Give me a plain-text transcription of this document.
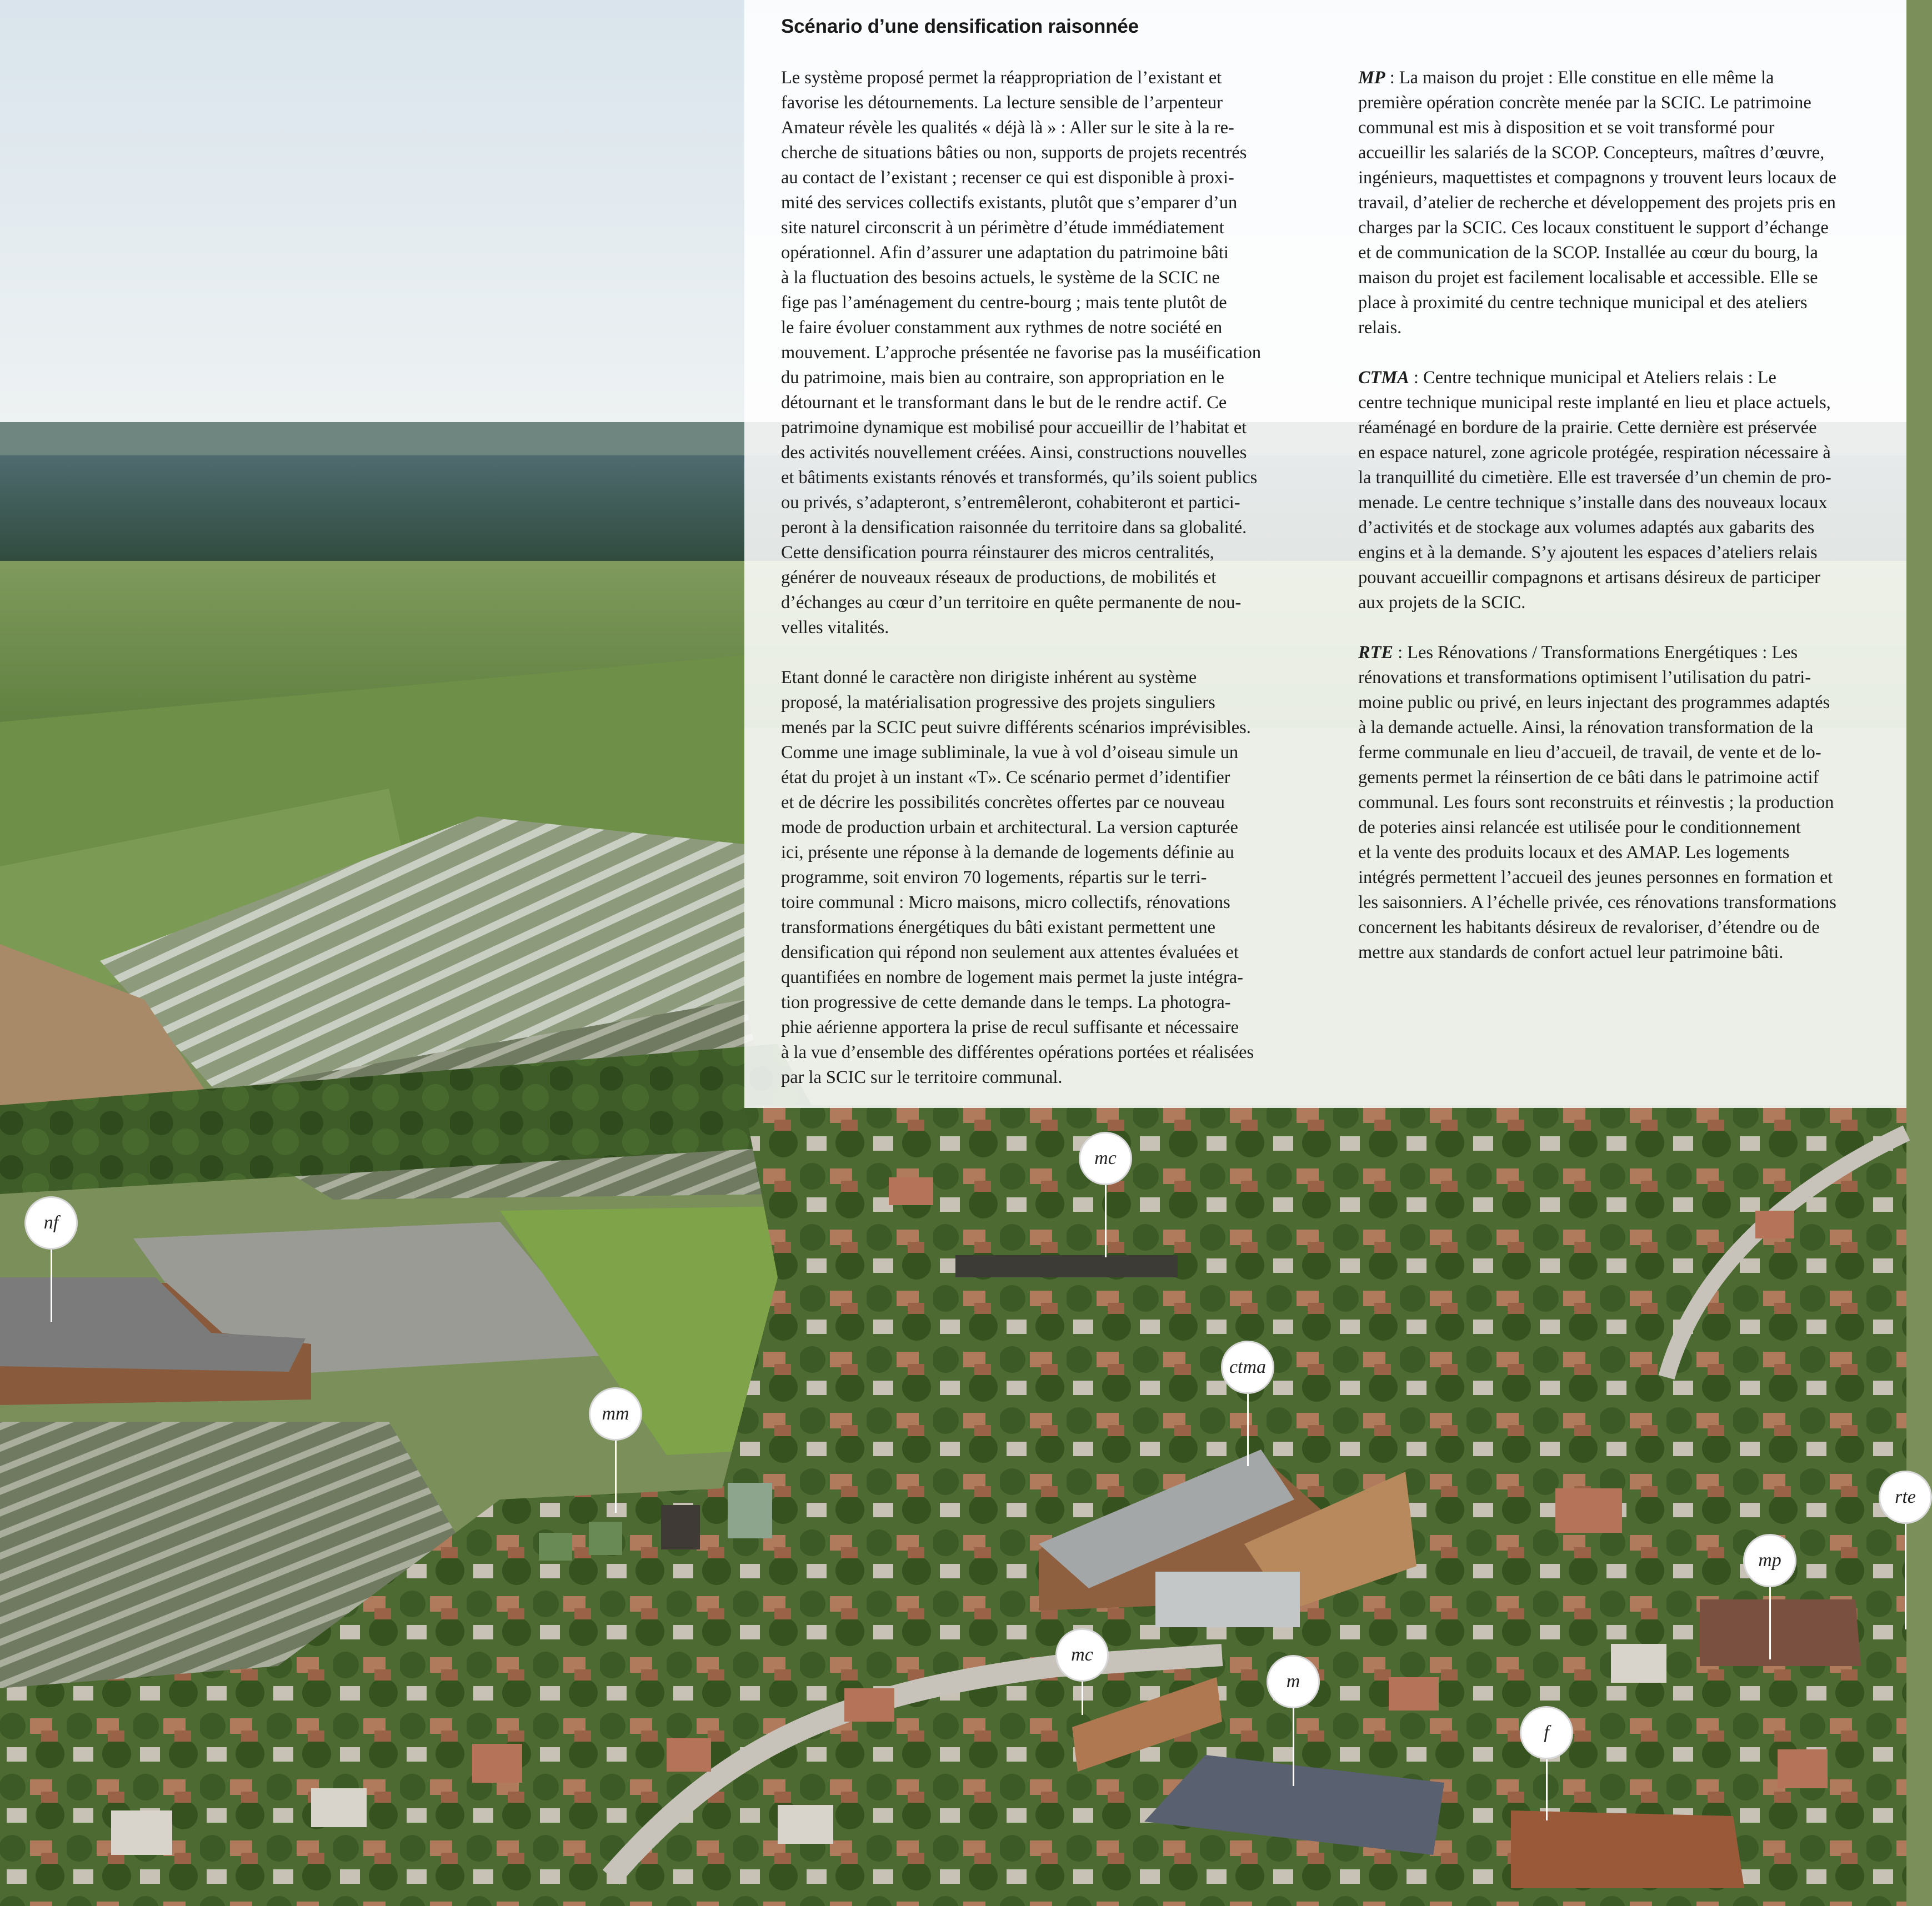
Scénario d’une densification raisonnée

Le système proposé permet la réappropriation de l’existant et
favorise les détournements. La lecture sensible de l’arpenteur
Amateur révèle les qualités « déjà là » : Aller sur le site à la re-
cherche de situations bâties ou non, supports de projets recentrés
au contact de l’existant ; recenser ce qui est disponible à proxi-
mité des services collectifs existants, plutôt que s’emparer d’un
site naturel circonscrit à un périmètre d’étude immédiatement
opérationnel. Afin d’assurer une adaptation du patrimoine bâti
à la fluctuation des besoins actuels, le système de la SCIC ne
fige pas l’aménagement du centre-bourg ; mais tente plutôt de
le faire évoluer constamment aux rythmes de notre société en
mouvement. L’approche présentée ne favorise pas la muséification
du patrimoine, mais bien au contraire, son appropriation en le
détournant et le transformant dans le but de le rendre actif. Ce
patrimoine dynamique est mobilisé pour accueillir de l’habitat et
des activités nouvellement créées. Ainsi, constructions nouvelles
et bâtiments existants rénovés et transformés, qu’ils soient publics
ou privés, s’adapteront, s’entremêleront, cohabiteront et partici-
peront à la densification raisonnée du territoire dans sa globalité.
Cette densification pourra réinstaurer des micros centralités,
générer de nouveaux réseaux de productions, de mobilités et
d’échanges au cœur d’un territoire en quête permanente de nou-
velles vitalités.

Etant donné le caractère non dirigiste inhérent au système
proposé, la matérialisation progressive des projets singuliers
menés par la SCIC peut suivre différents scénarios imprévisibles.
Comme une image subliminale, la vue à vol d’oiseau simule un
état du projet à un instant «T». Ce scénario permet d’identifier
et de décrire les possibilités concrètes offertes par ce nouveau
mode de production urbain et architectural. La version capturée
ici, présente une réponse à la demande de logements définie au
programme, soit environ 70 logements, répartis sur le terri-
toire communal : Micro maisons, micro collectifs, rénovations
transformations énergétiques du bâti existant permettent une
densification qui répond non seulement aux attentes évaluées et
quantifiées en nombre de logement mais permet la juste intégra-
tion progressive de cette demande dans le temps. La photogra-
phie aérienne apportera la prise de recul suffisante et nécessaire
à la vue d’ensemble des différentes opérations portées et réalisées
par la SCIC sur le territoire communal.

MP : La maison du projet : Elle constitue en elle même la
première opération concrète menée par la SCIC. Le patrimoine
communal est mis à disposition et se voit transformé pour
accueillir les salariés de la SCOP. Concepteurs, maîtres d’œuvre,
ingénieurs, maquettistes et compagnons y trouvent leurs locaux de
travail, d’atelier de recherche et développement des projets pris en
charges par la SCIC. Ces locaux constituent le support d’échange
et de communication de la SCOP. Installée au cœur du bourg, la
maison du projet est facilement localisable et accessible. Elle se
place à proximité du centre technique municipal et des ateliers
relais.

CTMA : Centre technique municipal et Ateliers relais : Le
centre technique municipal reste implanté en lieu et place actuels,
réaménagé en bordure de la prairie. Cette dernière est préservée
en espace naturel, zone agricole protégée, respiration nécessaire à
la tranquillité du cimetière. Elle est traversée d’un chemin de pro-
menade. Le centre technique s’installe dans des nouveaux locaux
d’activités et de stockage aux volumes adaptés aux gabarits des
engins et à la demande. S’y ajoutent les espaces d’ateliers relais
pouvant accueillir compagnons et artisans désireux de participer
aux projets de la SCIC.

RTE : Les Rénovations / Transformations Energétiques : Les
rénovations et transformations optimisent l’utilisation du patri-
moine public ou privé, en leurs injectant des programmes adaptés
à la demande actuelle. Ainsi, la rénovation transformation de la
ferme communale en lieu d’accueil, de travail, de vente et de lo-
gements permet la réinsertion de ce bâti dans le patrimoine actif
communal. Les fours sont reconstruits et réinvestis ; la production
de poteries ainsi relancée est utilisée pour le conditionnement
et la vente des produits locaux et des AMAP. Les logements
intégrés permettent l’accueil des jeunes personnes en formation et
les saisonniers. A l’échelle privée, ces rénovations transformations
concernent les habitants désireux de revaloriser, d’étendre ou de
mettre aux standards de confort actuel leur patrimoine bâti.

nf
mc
ctma
mm
rte
mp
mc
m
f
